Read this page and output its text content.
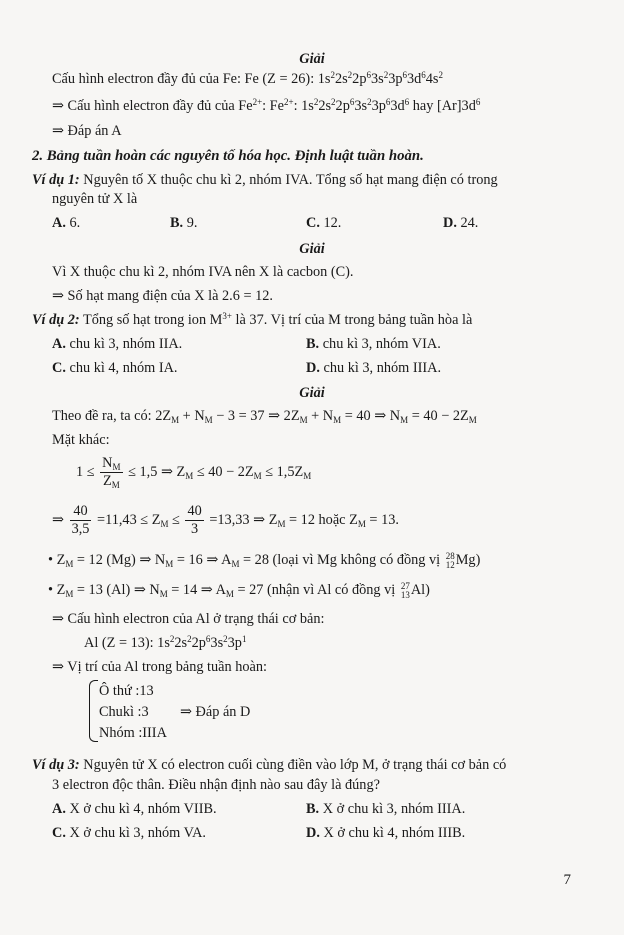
Giải
Cấu hình electron đầy đủ của Fe: Fe (Z = 26): $1s^22s^22p^63s^23p^63d^64s^2$
⇒ Cấu hình electron đầy đủ của $Fe^{2+}$: $Fe^{2+}$: $1s^22s^22p^63s^23p^63d^6$ hay $[Ar]3d^6$
⇒ Đáp án A
2. Bảng tuần hoàn các nguyên tố hóa học. Định luật tuần hoàn.
Ví dụ 1: Nguyên tố X thuộc chu kì 2, nhóm IVA. Tổng số hạt mang điện có trong
nguyên tử X là
A. 6.	B. 9.	C. 12.	D. 24.
Giải
Vì X thuộc chu kì 2, nhóm IVA nên X là cacbon (C).
⇒ Số hạt mang điện của X là 2.6 = 12.
Ví dụ 2: Tổng số hạt trong ion $M^{3+}$ là 37. Vị trí của M trong bảng tuần hòa là
A. chu kì 3, nhóm IIA.	B. chu kì 3, nhóm VIA.
C. chu kì 4, nhóm IA.	D. chu kì 3, nhóm IIIA.
Giải
Theo đề ra, ta có: $2Z_M + N_M - 3 = 37$ ⇒ $2Z_M + N_M = 40$ ⇒ $N_M = 40 - 2Z_M$
Mặt khác:
$1 \le \frac{N_M}{Z_M} \le 1,5$ ⇒ $Z_M \le 40 - 2Z_M \le 1,5Z_M$
⇒ $\frac{40}{3,5} =11,43 \le Z_M \le \frac{40}{3} =13,33$ ⇒ $Z_M = 12$ hoặc $Z_M = 13$.
• $Z_M = 12$ (Mg) ⇒ $N_M = 16$ ⇒ $A_M = 28$ (loại vì Mg không có đồng vị 28
12 Mg)
• $Z_M = 13$ (Al) ⇒ $N_M = 14$ ⇒ $A_M = 27$ (nhận vì Al có đồng vị 27
13 Al)
⇒ Cấu hình electron của Al ở trạng thái cơ bản:
Al (Z = 13): $1s^22s^22p^63s^23p^1$
⇒ Vị trí của Al trong bảng tuần hoàn:
Ô thứ :13
Chukì :3
Nhóm :IIIA
⇒ Đáp án D
Ví dụ 3: Nguyên tử X có electron cuối cùng điền vào lớp M, ở trạng thái cơ bản có
3 electron độc thân. Điều nhận định nào sau đây là đúng?
A. X ở chu kì 4, nhóm VIIB.	B. X ở chu kì 3, nhóm IIIA.
C. X ở chu kì 3, nhóm VA.	D. X ở chu kì 4, nhóm IIIB.
7
